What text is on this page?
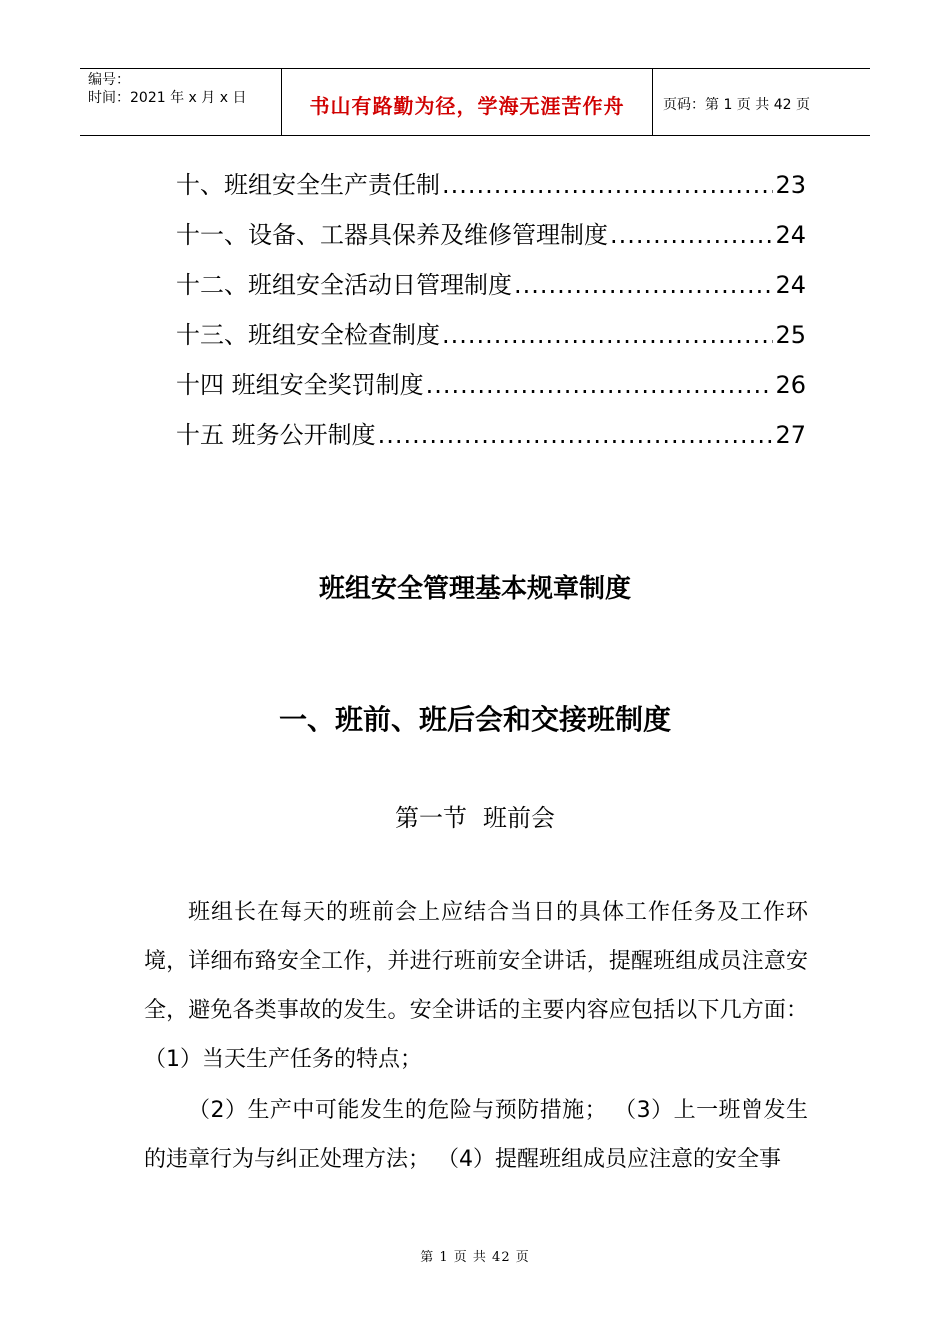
编号：
时间：2021 年 x 月 x 日	书山有路勤为径，学海无涯苦作舟	页码：第 1 页 共 42 页
十、班组安全生产责任制 .....	23
十一、设备、工器具保养及维修管理制度 .....	24
十二、班组安全活动日管理制度 .....	24
十三、班组安全检查制度 .....	25
十四 班组安全奖罚制度 .....	26
十五 班务公开制度 .....	27
班组安全管理基本规章制度
一、班前、班后会和交接班制度
第一节 班前会
班组长在每天的班前会上应结合当日的具体工作任务及工作环境，详细布臵安全工作，并进行班前安全讲话，提醒班组成员注意安全，避免各类事故的发生。安全讲话的主要内容应包括以下几方面：（1）当天生产任务的特点；
（2）生产中可能发生的危险与预防措施； （3）上一班曾发生的违章行为与纠正处理方法； （4）提醒班组成员应注意的安全事
第 1 页 共 42 页
